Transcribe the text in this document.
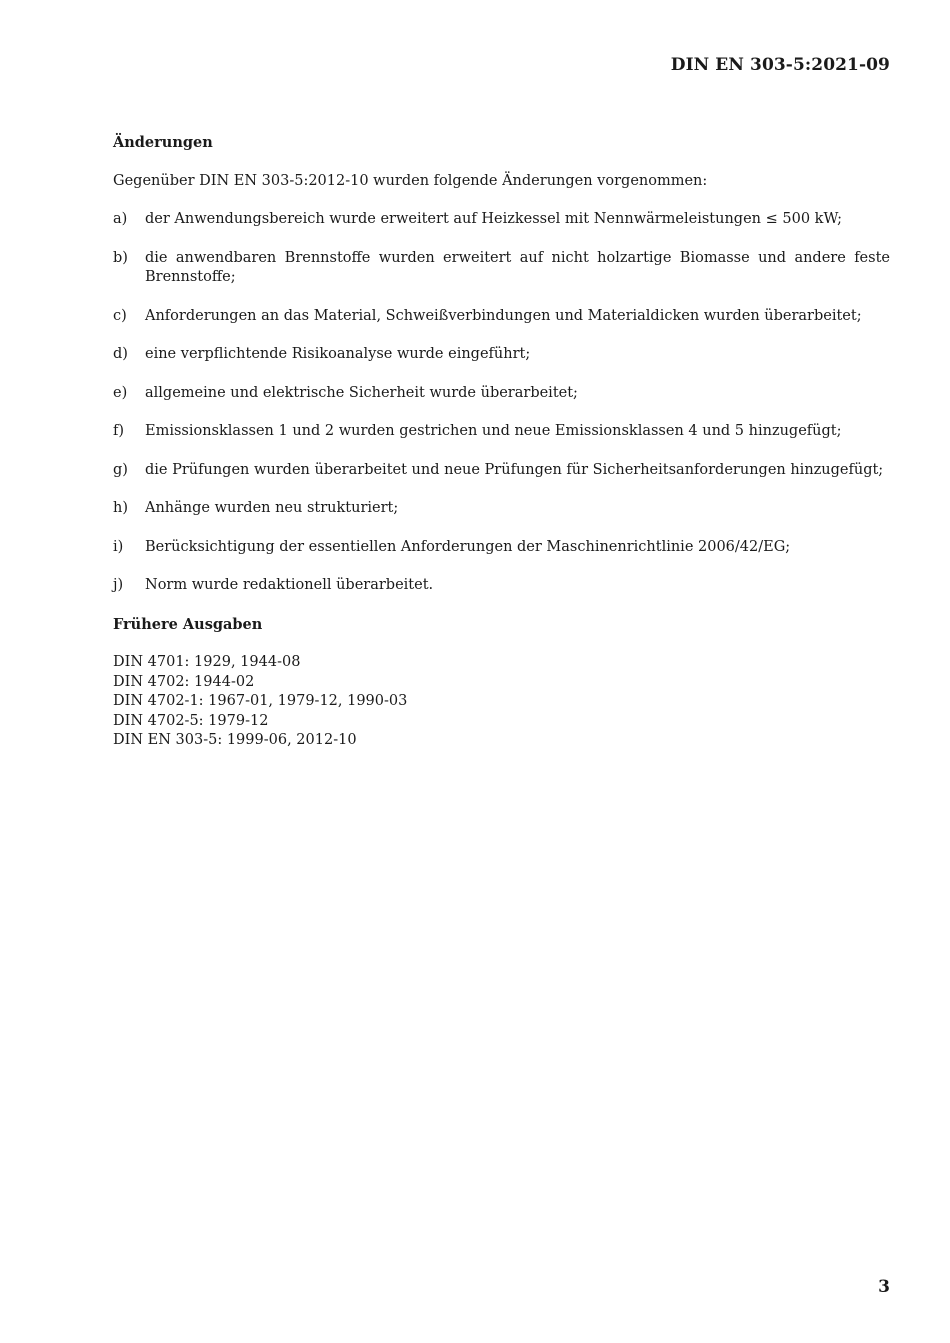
DIN EN 303-5:2021-09
Änderungen
Gegenüber DIN EN 303-5:2012-10 wurden folgende Änderungen vorgenommen:
a)	der Anwendungsbereich wurde erweitert auf Heizkessel mit Nennwärmeleistungen ≤ 500 kW;
b)	die anwendbaren Brennstoffe wurden erweitert auf nicht holzartige Biomasse und andere feste Brennstoffe;
c)	Anforderungen an das Material, Schweißverbindungen und Materialdicken wurden überarbeitet;
d)	eine verpflichtende Risikoanalyse wurde eingeführt;
e)	allgemeine und elektrische Sicherheit wurde überarbeitet;
f)	Emissionsklassen 1 und 2 wurden gestrichen und neue Emissionsklassen 4 und 5 hinzugefügt;
g)	die Prüfungen wurden überarbeitet und neue Prüfungen für Sicherheitsanforderungen hinzugefügt;
h)	Anhänge wurden neu strukturiert;
i)	Berücksichtigung der essentiellen Anforderungen der Maschinenrichtlinie 2006/42/EG;
j)	Norm wurde redaktionell überarbeitet.
Frühere Ausgaben
DIN 4701: 1929, 1944-08
DIN 4702: 1944-02
DIN 4702-1: 1967-01, 1979-12, 1990-03
DIN 4702-5: 1979-12
DIN EN 303-5: 1999-06, 2012-10
3
